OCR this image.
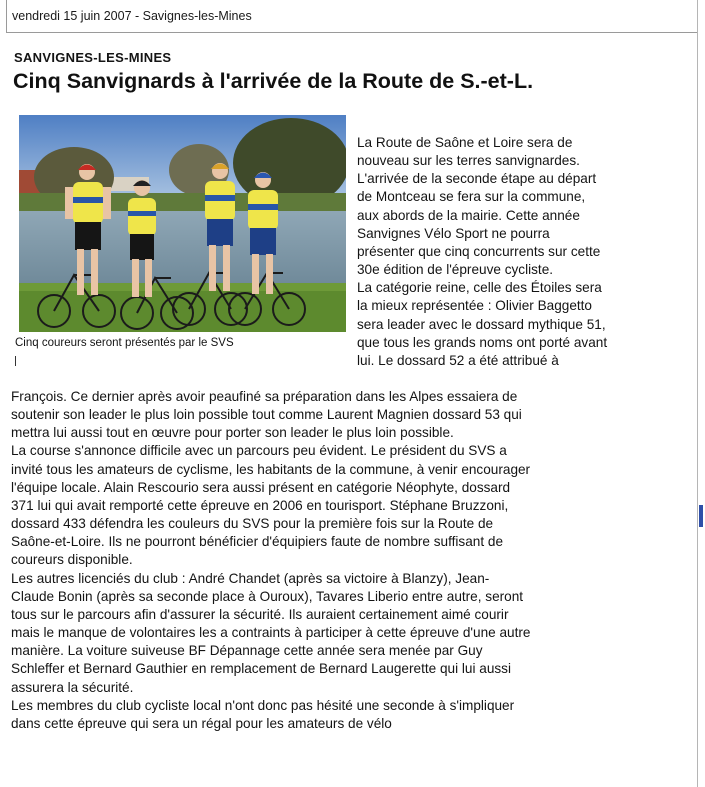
vendredi 15 juin 2007 - Savignes-les-Mines
SANVIGNES-LES-MINES
Cinq Sanvignards à l'arrivée de la Route de S.-et-L.
Cinq coureurs seront présentés par le SVS
La Route de Saône et Loire sera de
nouveau sur les terres sanvignardes.
L'arrivée de la seconde étape au départ
de Montceau se fera sur la commune,
aux abords de la mairie. Cette année
Sanvignes Vélo Sport ne pourra
présenter que cinq concurrents sur cette
30e édition de l'épreuve cycliste.
La catégorie reine, celle des Étoiles sera
la mieux représentée : Olivier Baggetto
sera leader avec le dossard mythique 51,
que tous les grands noms ont porté avant
lui. Le dossard 52 a été attribué à
François. Ce dernier après avoir peaufiné sa préparation dans les Alpes essaiera de
soutenir son leader le plus loin possible tout comme Laurent Magnien dossard 53 qui
mettra lui aussi tout en œuvre pour porter son leader le plus loin possible.
La course s'annonce difficile avec un parcours peu évident. Le président du SVS a
invité tous les amateurs de cyclisme, les habitants de la commune, à venir encourager
l'équipe locale. Alain Rescourio sera aussi présent en catégorie Néophyte, dossard
371 lui qui avait remporté cette épreuve en 2006 en tourisport. Stéphane Bruzzoni,
dossard 433 défendra les couleurs du SVS pour la première fois sur la Route de
Saône-et-Loire. Ils ne pourront bénéficier d'équipiers faute de nombre suffisant de
coureurs disponible.
Les autres licenciés du club : André Chandet (après sa victoire à Blanzy), Jean-
Claude Bonin (après sa seconde place à Ouroux), Tavares Liberio entre autre, seront
tous sur le parcours afin d'assurer la sécurité. Ils auraient certainement aimé courir
mais le manque de volontaires les a contraints à participer à cette épreuve d'une autre
manière. La voiture suiveuse BF Dépannage cette année sera menée par Guy
Schleffer et Bernard Gauthier en remplacement de Bernard Laugerette qui lui aussi
assurera la sécurité.
Les membres du club cycliste local n'ont donc pas hésité une seconde à s'impliquer
dans cette épreuve qui sera un régal pour les amateurs de vélo
